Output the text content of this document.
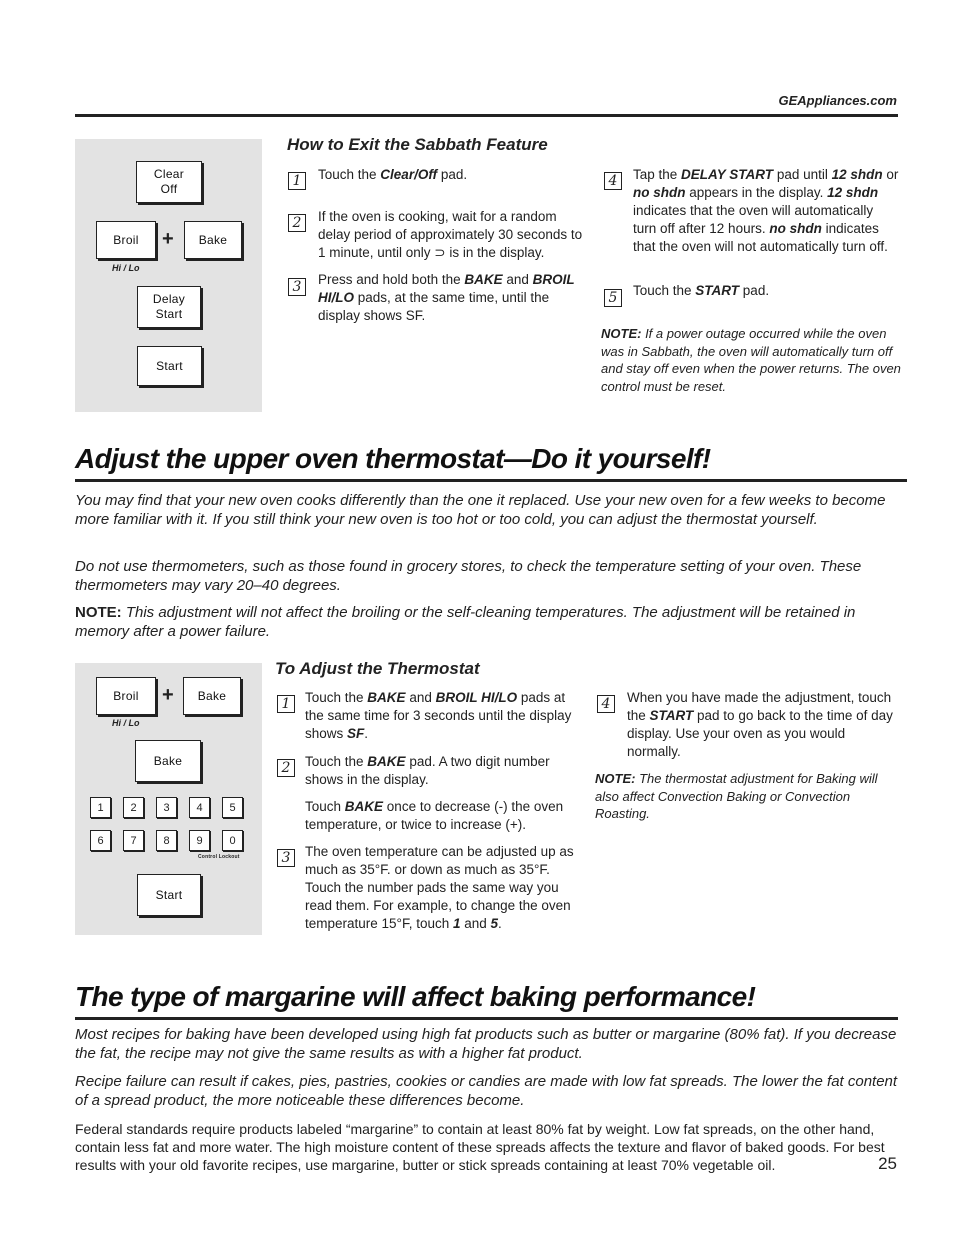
GEAppliances.com
Clear
Off
Broil + Bake
Hi / Lo
Delay
Start
Start
How to Exit the Sabbath Feature
1	Touch the Clear/Off pad.
2	If the oven is cooking, wait for a random delay period of approximately 30 seconds to 1 minute, until only ⊃ is in the display.
3	Press and hold both the BAKE and BROIL HI/LO pads, at the same time, until the display shows SF.
4	Tap the DELAY START pad until 12 shdn or no shdn appears in the display. 12 shdn indicates that the oven will automatically turn off after 12 hours. no shdn indicates that the oven will not automatically turn off.
5	Touch the START pad.
NOTE: If a power outage occurred while the oven was in Sabbath, the oven will automatically turn off and stay off even when the power returns. The oven control must be reset.
Adjust the upper oven thermostat—Do it yourself!
You may find that your new oven cooks differently than the one it replaced. Use your new oven for a few weeks to become more familiar with it. If you still think your new oven is too hot or too cold, you can adjust the thermostat yourself.
Do not use thermometers, such as those found in grocery stores, to check the temperature setting of your oven. These thermometers may vary 20–40 degrees.
NOTE: This adjustment will not affect the broiling or the self-cleaning temperatures. The adjustment will be retained in memory after a power failure.
Broil + Bake
Hi / Lo
Bake
1	2	3	4	5
6	7	8	9	0
Control Lockout
Start
To Adjust the Thermostat
1	Touch the BAKE and BROIL HI/LO pads at the same time for 3 seconds until the display shows SF.
2	Touch the BAKE pad. A two digit number shows in the display.
Touch BAKE once to decrease (-) the oven temperature, or twice to increase (+).
3	The oven temperature can be adjusted up as much as 35°F. or down as much as 35°F. Touch the number pads the same way you read them. For example, to change the oven temperature 15°F, touch 1 and 5.
4	When you have made the adjustment, touch the START pad to go back to the time of day display. Use your oven as you would normally.
NOTE: The thermostat adjustment for Baking will also affect Convection Baking or Convection Roasting.
The type of margarine will affect baking performance!
Most recipes for baking have been developed using high fat products such as butter or margarine (80% fat). If you decrease the fat, the recipe may not give the same results as with a higher fat product.
Recipe failure can result if cakes, pies, pastries, cookies or candies are made with low fat spreads. The lower the fat content of a spread product, the more noticeable these differences become.
Federal standards require products labeled “margarine” to contain at least 80% fat by weight. Low fat spreads, on the other hand, contain less fat and more water. The high moisture content of these spreads affects the texture and flavor of baked goods. For best results with your old favorite recipes, use margarine, butter or stick spreads containing at least 70% vegetable oil.	25
